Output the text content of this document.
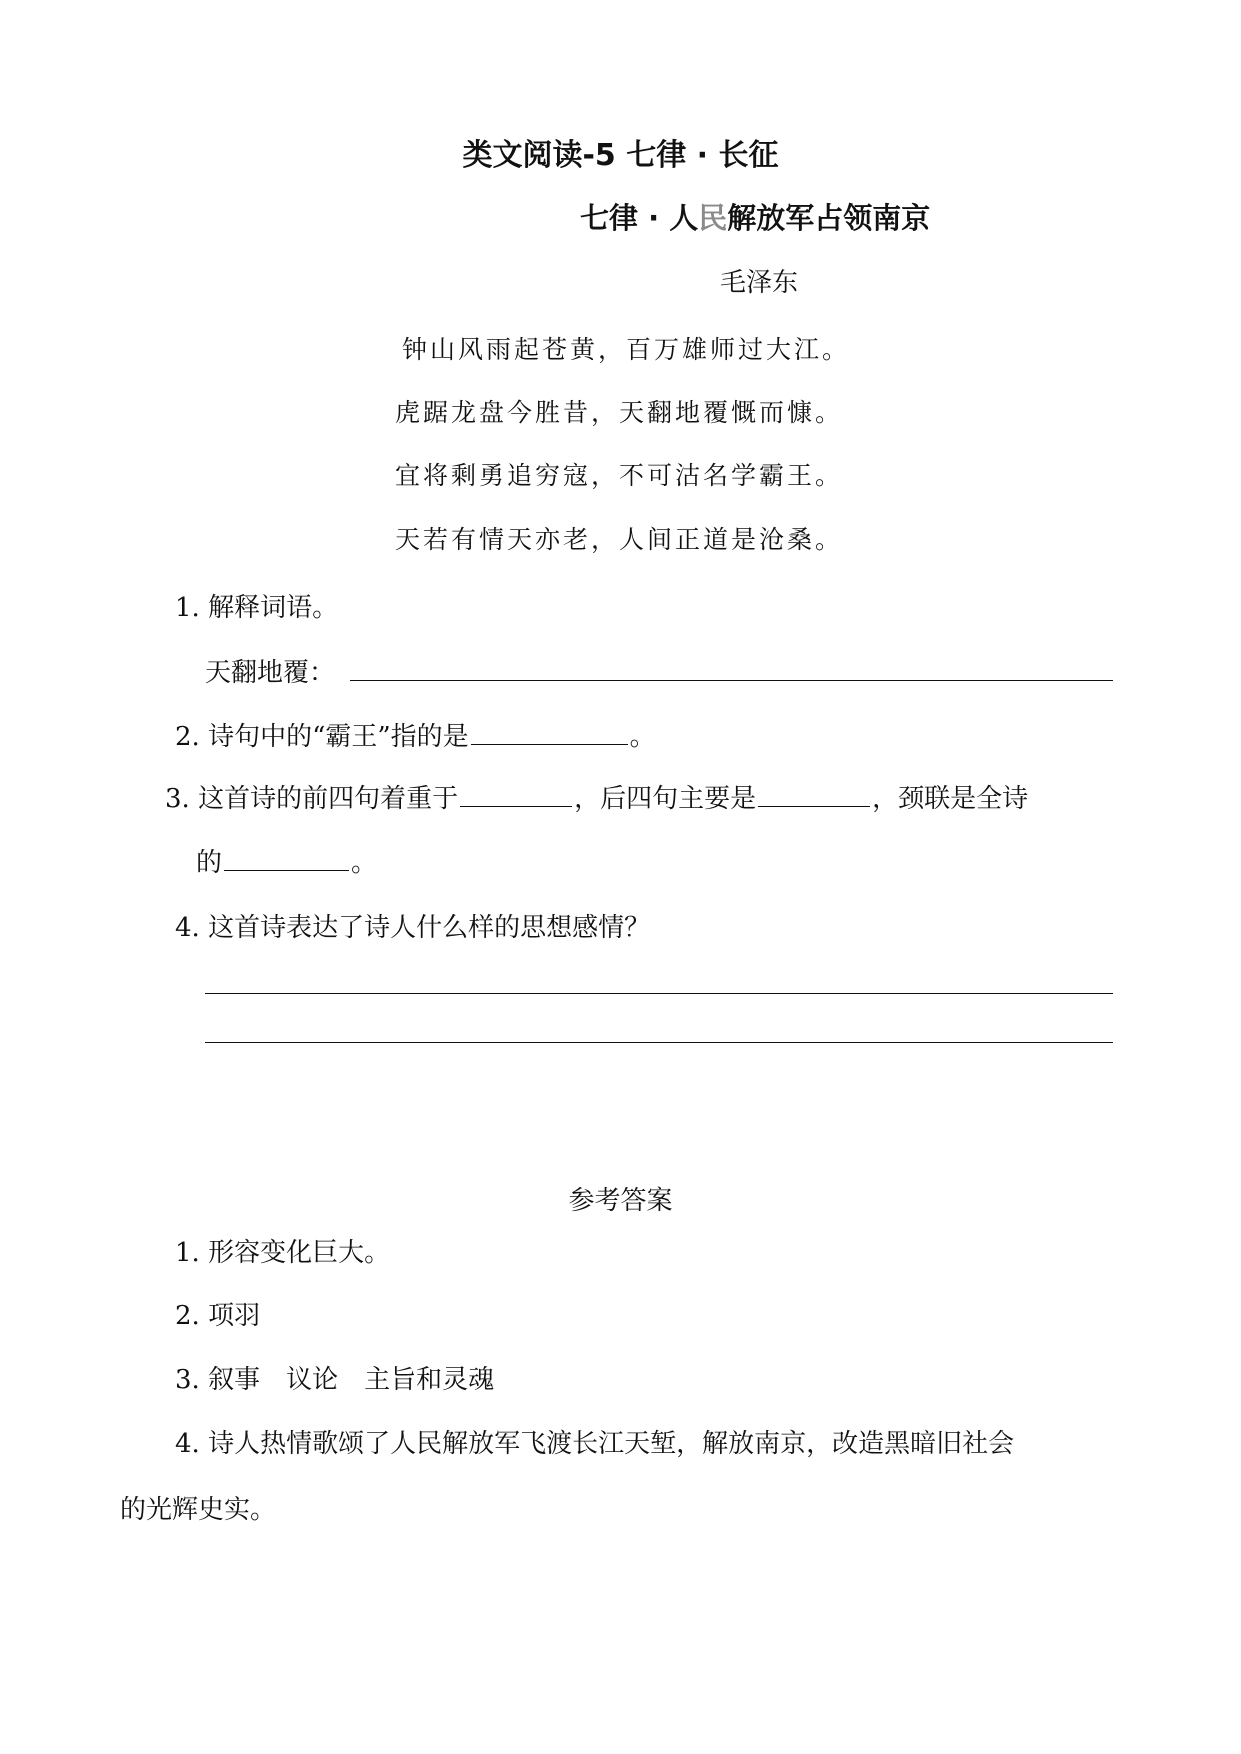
类文阅读-5 七律 · 长征
七律 · 人民解放军占领南京
毛泽东
钟山风雨起苍黄，百万雄师过大江。
虎踞龙盘今胜昔，天翻地覆慨而慷。
宜将剩勇追穷寇，不可沽名学霸王。
天若有情天亦老，人间正道是沧桑。
1. 解释词语。
天翻地覆：
2. 诗句中的“霸王”指的是	。
3. 这首诗的前四句着重于	，后四句主要是	，颈联是全诗
的	。
4. 这首诗表达了诗人什么样的思想感情？
参考答案
1. 形容变化巨大。
2. 项羽
3. 叙事　议论　主旨和灵魂
4. 诗人热情歌颂了人民解放军飞渡长江天堑，解放南京，改造黑暗旧社会
的光辉史实。
